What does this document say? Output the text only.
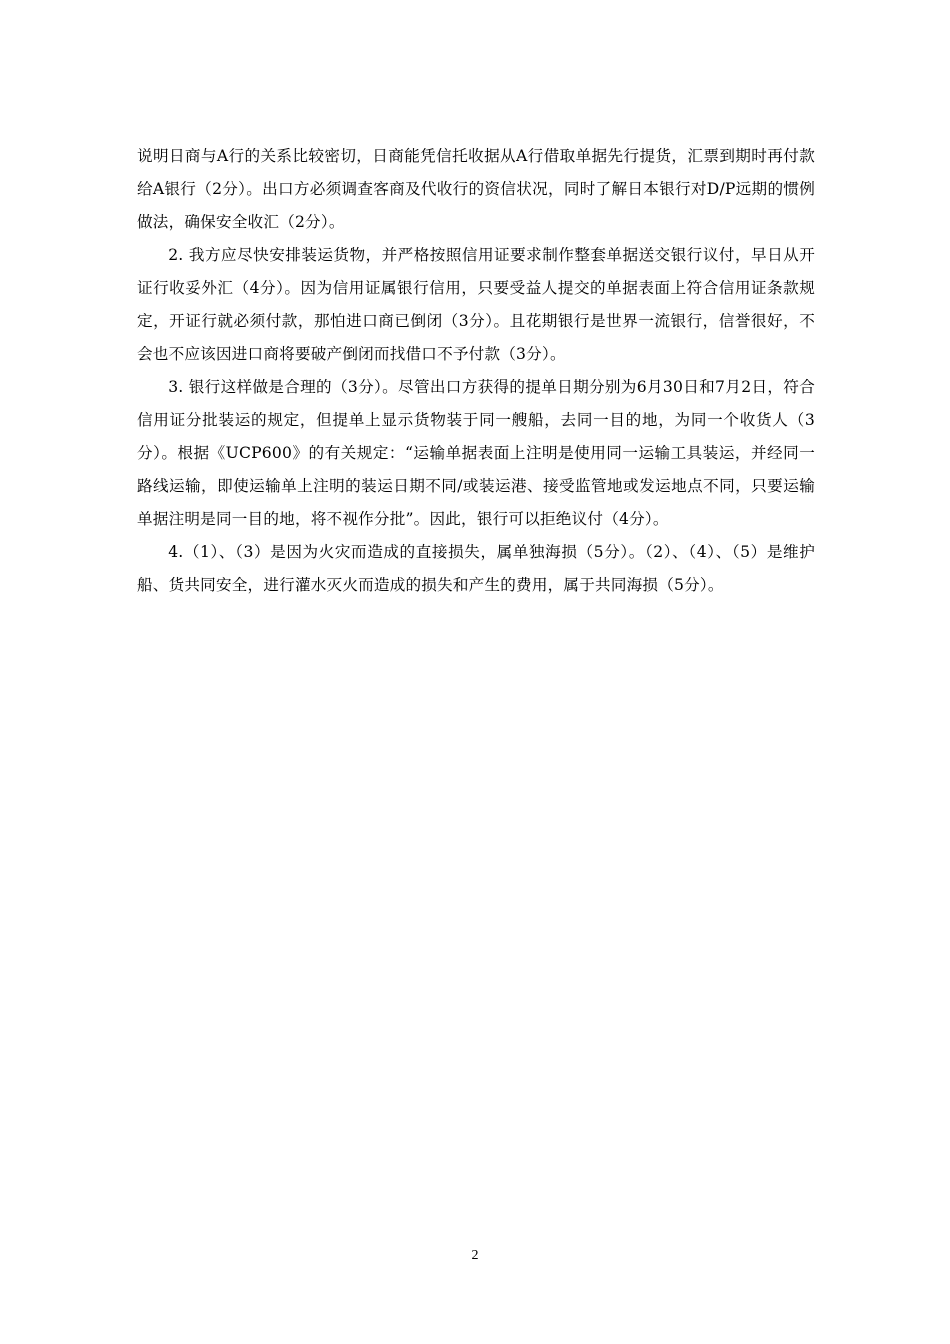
说明日商与A行的关系比较密切，日商能凭信托收据从A行借取单据先行提货，汇票到期时再付款给A银行（2分）。出口方必须调查客商及代收行的资信状况，同时了解日本银行对D/P远期的惯例做法，确保安全收汇（2分）。

2. 我方应尽快安排装运货物，并严格按照信用证要求制作整套单据送交银行议付，早日从开证行收妥外汇（4分）。因为信用证属银行信用，只要受益人提交的单据表面上符合信用证条款规定，开证行就必须付款，那怕进口商已倒闭（3分）。且花期银行是世界一流银行，信誉很好，不会也不应该因进口商将要破产倒闭而找借口不予付款（3分）。

3. 银行这样做是合理的（3分）。尽管出口方获得的提单日期分别为6月30日和7月2日，符合信用证分批装运的规定，但提单上显示货物装于同一艘船，去同一目的地，为同一个收货人（3分）。根据《UCP600》的有关规定：“运输单据表面上注明是使用同一运输工具装运，并经同一路线运输，即使运输单上注明的装运日期不同/或装运港、接受监管地或发运地点不同，只要运输单据注明是同一目的地，将不视作分批”。因此，银行可以拒绝议付（4分）。

4.（1）、（3）是因为火灾而造成的直接损失，属单独海损（5分）。（2）、（4）、（5）是维护船、货共同安全，进行灌水灭火而造成的损失和产生的费用，属于共同海损（5分）。

2
